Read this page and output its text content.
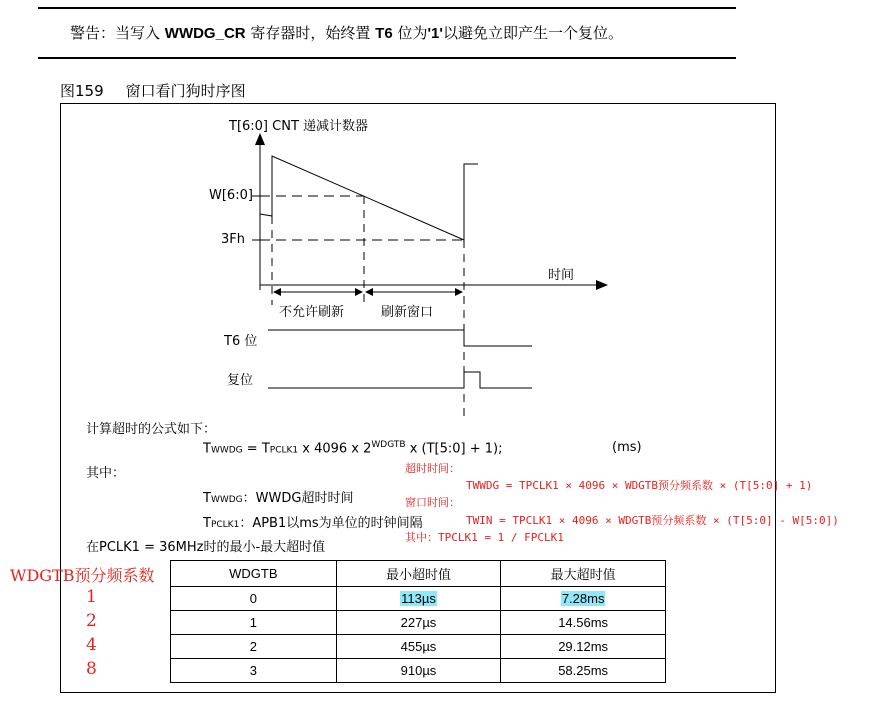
警告：当写入 WWDG_CR 寄存器时，始终置 T6 位为'1'以避免立即产生一个复位。
图159 窗口看门狗时序图
T[6:0] CNT 递减计数器
W[6:0]
3Fh
时间
不允许刷新	刷新窗口
T6 位
复位
计算超时的公式如下：
TWWDG = TPCLK1 x 4096 x $2^{WDGTB}$ x (T[5:0] + 1);	(ms)
其中：
TWWDG：WWDG超时时间
TPCLK1：APB1以ms为单位的时钟间隔
在PCLK1 = 36MHz时的最小-最大超时值
超时时间：
TWWDG = TPCLK1 × 4096 × WDGTB预分频系数 × (T[5:0] + 1)
窗口时间：
TWIN = TPCLK1 × 4096 × WDGTB预分频系数 × (T[5:0] - W[5:0])
其中：TPCLK1 = 1 / FPCLK1
WDGTB预分频系数
1
2
4
8
WDGTB	最小超时值	最大超时值
0	113µs	7.28ms
1	227µs	14.56ms
2	455µs	29.12ms
3	910µs	58.25ms
